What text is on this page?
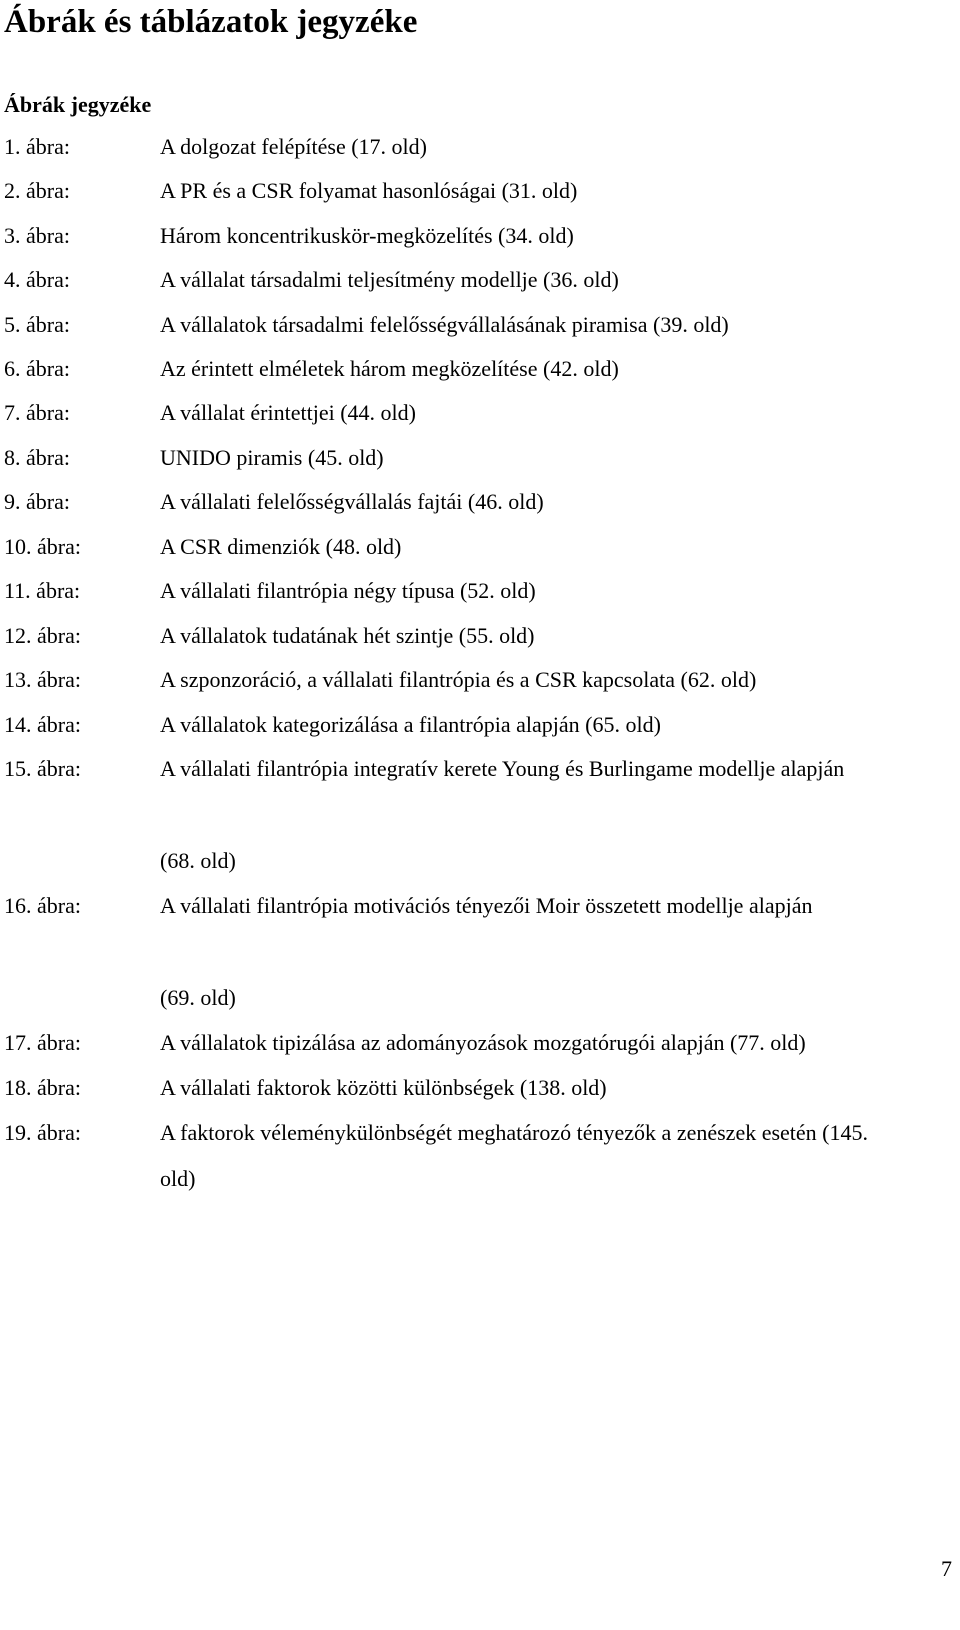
Ábrák és táblázatok jegyzéke
Ábrák jegyzéke
1. ábra:	A dolgozat felépítése (17. old)
2. ábra:	A PR és a CSR folyamat hasonlóságai (31. old)
3. ábra:	Három koncentrikuskör-megközelítés (34. old)
4. ábra:	A vállalat társadalmi teljesítmény modellje (36. old)
5. ábra:	A vállalatok társadalmi felelősségvállalásának piramisa (39. old)
6. ábra:	Az érintett elméletek három megközelítése (42. old)
7. ábra:	A vállalat érintettjei (44. old)
8. ábra:	UNIDO piramis (45. old)
9. ábra:	A vállalati felelősségvállalás fajtái (46. old)
10. ábra:	A CSR dimenziók (48. old)
11. ábra:	A vállalati filantrópia négy típusa (52. old)
12. ábra:	A vállalatok tudatának hét szintje (55. old)
13. ábra:	A szponzoráció, a vállalati filantrópia és a CSR kapcsolata (62. old)
14. ábra:	A vállalatok kategorizálása a filantrópia alapján (65. old)
15. ábra:	A vállalati filantrópia integratív kerete Young és Burlingame modellje alapján
(68. old)
16. ábra:	A vállalati filantrópia motivációs tényezői Moir összetett modellje alapján
(69. old)
17. ábra:	A vállalatok tipizálása az adományozások mozgatórugói alapján (77. old)
18. ábra:	A vállalati faktorok közötti különbségek (138. old)
19. ábra:	A faktorok véleménykülönbségét meghatározó tényezők a zenészek esetén (145. old)
7
